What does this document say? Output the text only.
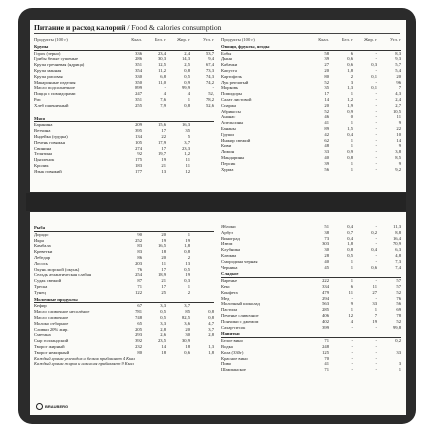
Питание и расход калорий / Food & calories consumption
Продукты (100 г)	Ккал.	Бел. г	Жир. г	Угл. г
Крупы
Горох (зерно)	336	23,4	2,4	53,7
Грибы белые сушеные	286	30,3	14,3	9,4
Крупа гречневая (ядрица)	351	12,5	2,5	67,4
Крупа манная	354	11,2	0,8	73,3
Крупа рисовая	330	6,8	0,5	74,3
Макаронные изделия	350	11,0	0,9	74,2
Масло подсолнечное	899	-	99,9	-
Пицца с помидорами	247	4	4	52,
Рис	351	7,6	1	78,2
Хлеб пшеничный	255	7,9	0,8	52,6
Мясо
Баранина	209	15,6	16,3
Ветчина	395	17	35
Индейка (грудка)	134	22	5
Печень говяжья	105	17,9	3,7
Свинина	274	17	23,3
Телятина	92	19,7	1,2
Цыпленок	175	19	11
Кролик	183	21	11
Язык говяжий	177	13	12
Продукты (100 г)	Ккал.	Бел. г	Жир. г	Угл. г
Овощи, фрукты, ягоды
Бобы	58	6	-	8,3
Дыня	39	0,6	-	9,3
Кабачки	27	0,6	0,3	5,7
Капуста	20	1,8	-	5,4
Картофель	80	2	0,1	20
Лук репчатый	52	3	-	96
Морковь	35	1,3	0,1	7
Помидоры	17	1	-	4,3
Салат листовой	14	1,2	-	2,4
Спаржа	20	1,9	-	2,7
Абрикосы	52	0,9	-	10,5
Ананас	46	0	-	11
Апельсины	41	1	-	9
Бананы	89	1,5	-	22
Груши	42	0,4	-	10
Инжир свежий	62	1	-	14
Киви	48	1	-	9
Лимон	33	0,9	-	3,8
Мандарины	40	0,8	-	8,5
Персик	39	1	-	9
Хурма	56	1	-	9,2
Рыба
Дорадо	90	20	1
Икра	252	19	19
Камбала	83	16,5	1,8
Креветки	83	18	0,8
Лебедар	86	20	2
Лосось	203	11	13
Окунь морской (окунь)	76	17	0,5
Сельдь атлантическая слабая	254	18,9	19
Судак свежий	87	21	0,3
Треска	71	17	1
Тунец	122	25	2
Молочные продукты
Кефир	67	3,3	3,7
Масло сливочное несолёное	781	0,5	85	0,8
Масло сливочное	748	0,5	82,5	0,8
Молоко отборное	65	3,3	3,6	4,7
Сливки 20% жир.	205	2,8	20	3,7
Сметана	293	2,6	30	2,8
Сыр голландский	392	23,5	30,9
Творог жирный	232	14	18	1,3
Творог нежирный	80	18	0,6	1,8
Каждый грамм углеводов и белков прибавляет 4 Ккал
Каждый грамм жиров и алкоголя прибавляет 9 Ккал
Яблоки	51	0,4	-	11,3
Арбуз	38	0,7	0,2	8,8
Виноград	73	0,4	-	16,4
Изюм	303	1,8	-	70,9
Клубника	30	0,8	0,4	6,3
Клюква	28	0,5	-	4,8
Смородина черная	40	1	-	7,3
Черника	45	1	0,6	7,4
Сладкое
Варенье	222	1	-	57
Кекс	334	6	11	57
Конфета	479	11	27	52
Мед	294	-	-	76
Молочный шоколад	563	9	33	56
Пастила	285	1	1	69
Печенье сливочное	406	12	7	78
Пончики с джемом	402	4	19	52
Сахар-песок	399	-	-	99,8
Напитки
Белое вино	71	-	-	0,2
Водка	248	-	-
Кола (330г)	125	-	-	33
Красное вино	70	-	-
Пиво	41	-	-	3
Шампанское	71	-	-	1
BRAUBERG
